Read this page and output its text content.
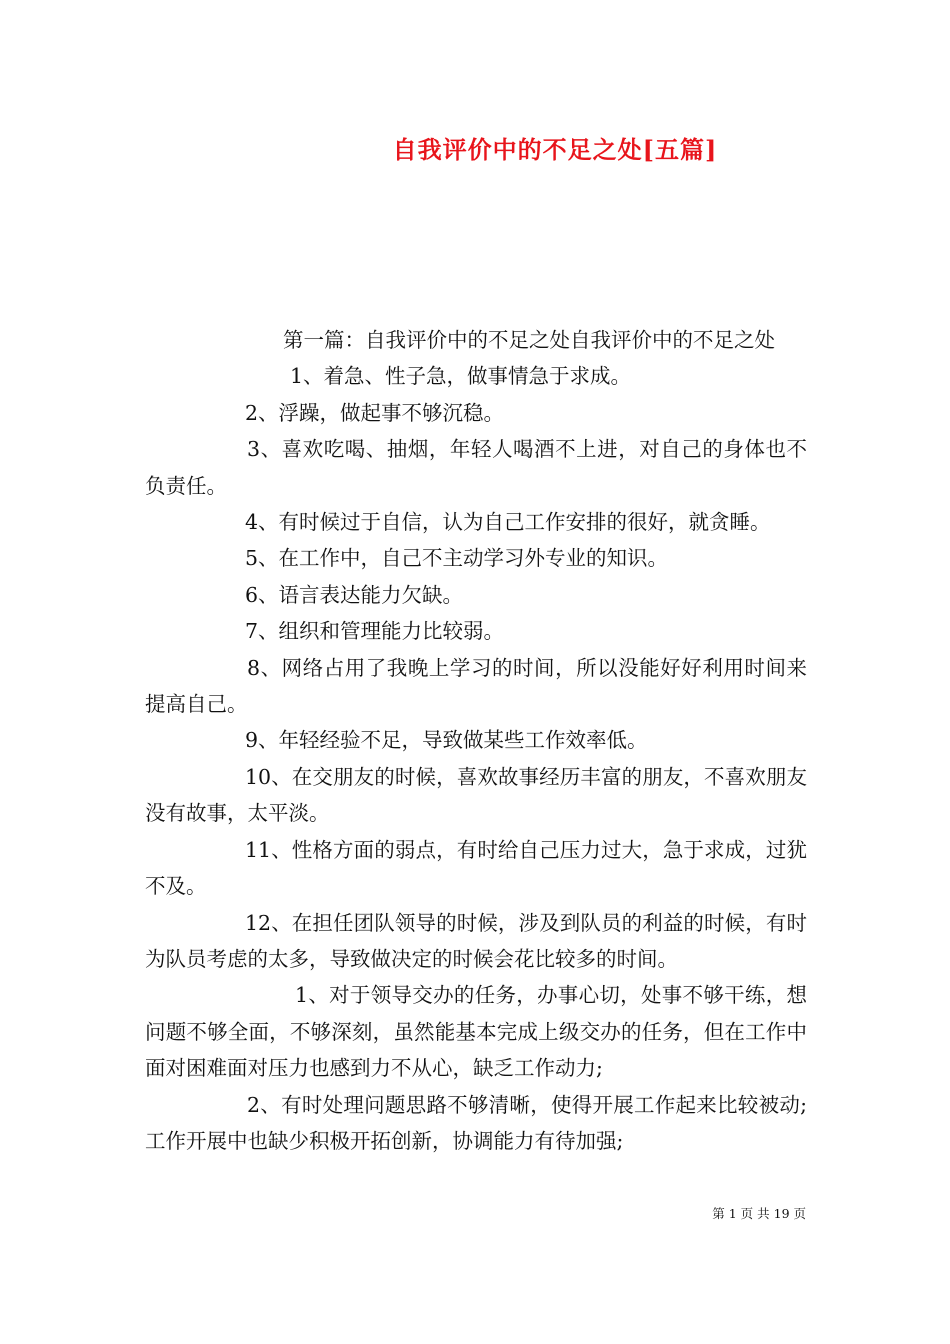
自我评价中的不足之处[五篇]

第一篇：自我评价中的不足之处自我评价中的不足之处

1、着急、性子急，做事情急于求成。

2、浮躁，做起事不够沉稳。

3、喜欢吃喝、抽烟，年轻人喝酒不上进，对自己的身体也不负责任。

4、有时候过于自信，认为自己工作安排的很好，就贪睡。

5、在工作中，自己不主动学习外专业的知识。

6、语言表达能力欠缺。

7、组织和管理能力比较弱。

8、网络占用了我晚上学习的时间，所以没能好好利用时间来提高自己。

9、年轻经验不足，导致做某些工作效率低。

10、在交朋友的时候，喜欢故事经历丰富的朋友，不喜欢朋友没有故事，太平淡。

11、性格方面的弱点，有时给自己压力过大，急于求成，过犹不及。

12、在担任团队领导的时候，涉及到队员的利益的时候，有时为队员考虑的太多，导致做决定的时候会花比较多的时间。

1、对于领导交办的任务，办事心切，处事不够干练，想问题不够全面，不够深刻，虽然能基本完成上级交办的任务，但在工作中面对困难面对压力也感到力不从心，缺乏工作动力;

2、有时处理问题思路不够清晰，使得开展工作起来比较被动;工作开展中也缺少积极开拓创新，协调能力有待加强;

第 1 页 共 19 页
